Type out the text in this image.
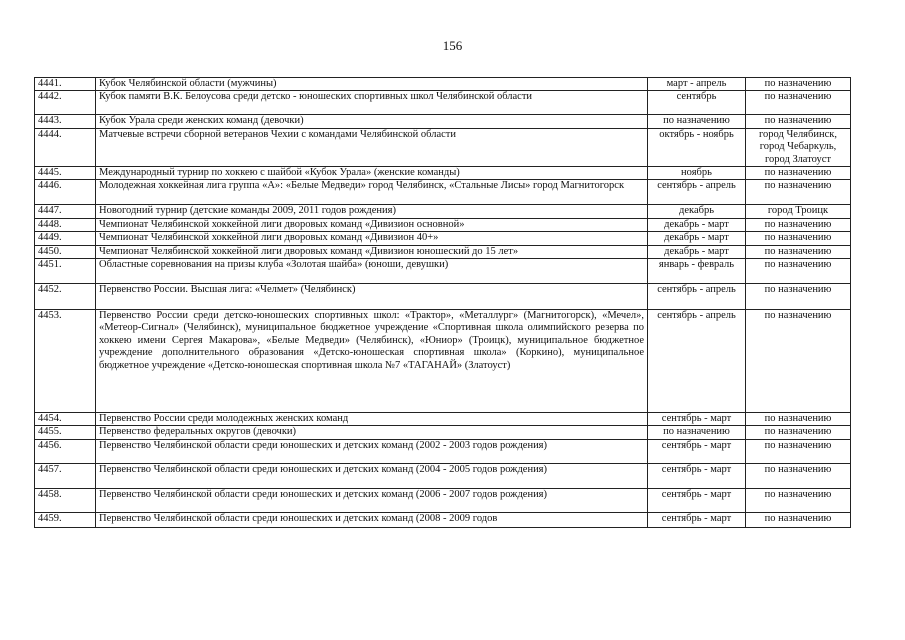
156
4441.	Кубок Челябинской области (мужчины)	март - апрель	по назначению
4442.	Кубок памяти В.К. Белоусова среди детско - юношеских спортивных школ Челябинской области	сентябрь	по назначению
4443.	Кубок Урала среди женских команд (девочки)	по назначению	по назначению
4444.	Матчевые встречи сборной ветеранов Чехии с командами Челябинской области	октябрь - ноябрь	город Челябинск, город Чебаркуль, город Златоуст
4445.	Международный турнир по хоккею с шайбой «Кубок Урала» (женские команды)	ноябрь	по назначению
4446.	Молодежная хоккейная лига группа «А»: «Белые Медведи» город Челябинск, «Стальные Лисы» город Магнитогорск	сентябрь - апрель	по назначению
4447.	Новогодний турнир (детские команды 2009, 2011 годов рождения)	декабрь	город Троицк
4448.	Чемпионат Челябинской хоккейной лиги дворовых команд «Дивизион основной»	декабрь - март	по назначению
4449.	Чемпионат Челябинской хоккейной лиги дворовых команд «Дивизион 40+»	декабрь - март	по назначению
4450.	Чемпионат Челябинской хоккейной лиги дворовых команд «Дивизион юношеский до 15 лет»	декабрь - март	по назначению
4451.	Областные соревнования на призы клуба «Золотая шайба» (юноши, девушки)	январь - февраль	по назначению
4452.	Первенство России. Высшая лига: «Челмет» (Челябинск)	сентябрь - апрель	по назначению
4453.	Первенство России среди детско-юношеских спортивных школ: «Трактор», «Металлург» (Магнитогорск), «Мечел», «Метеор-Сигнал» (Челябинск), муниципальное бюджетное учреждение «Спортивная школа олимпийского резерва по хоккею имени Сергея Макарова», «Белые Медведи» (Челябинск), «Юниор» (Троицк), муниципальное бюджетное учреждение дополнительного образования «Детско-юношеская спортивная школа» (Коркино), муниципальное бюджетное учреждение «Детско-юношеская спортивная школа №7 «ТАГАНАЙ» (Златоуст)	сентябрь - апрель	по назначению
4454.	Первенство России среди молодежных женских команд	сентябрь - март	по назначению
4455.	Первенство федеральных округов (девочки)	по назначению	по назначению
4456.	Первенство Челябинской области среди юношеских и детских команд (2002 - 2003 годов рождения)	сентябрь - март	по назначению
4457.	Первенство Челябинской области среди юношеских и детских команд (2004 - 2005 годов рождения)	сентябрь - март	по назначению
4458.	Первенство Челябинской области среди юношеских и детских команд (2006 - 2007 годов рождения)	сентябрь - март	по назначению
4459.	Первенство Челябинской области среди юношеских и детских команд (2008 - 2009 годов	сентябрь - март	по назначению
